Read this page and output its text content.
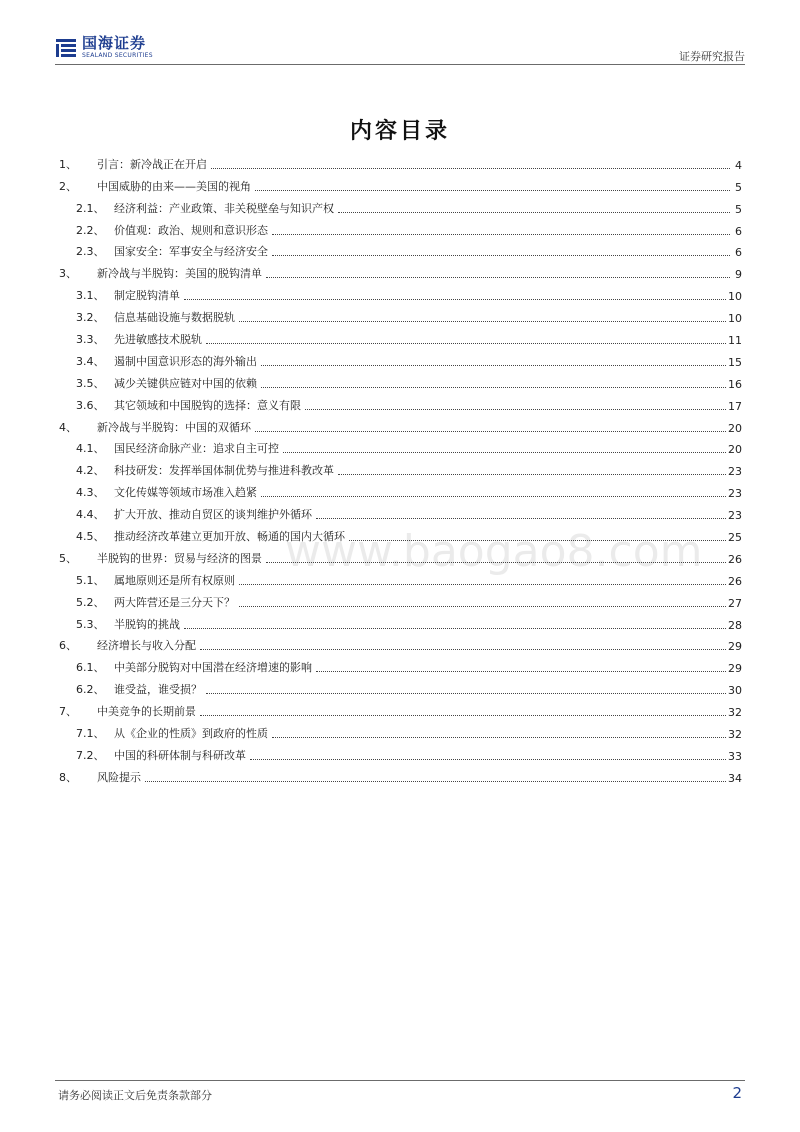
国海证券
SEALAND SECURITIES	证券研究报告
内容目录
www.baogao8.com
1、	引言：新冷战正在开启	4
2、	中国威胁的由来——美国的视角	5
2.1、 经济利益：产业政策、非关税壁垒与知识产权	5
2.2、 价值观：政治、规则和意识形态	6
2.3、 国家安全：军事安全与经济安全	6
3、	新冷战与半脱钩：美国的脱钩清单	9
3.1、 制定脱钩清单	10
3.2、 信息基础设施与数据脱轨	10
3.3、 先进敏感技术脱轨	11
3.4、 遏制中国意识形态的海外输出	15
3.5、 减少关键供应链对中国的依赖	16
3.6、 其它领域和中国脱钩的选择：意义有限	17
4、	新冷战与半脱钩：中国的双循环	20
4.1、 国民经济命脉产业：追求自主可控	20
4.2、 科技研发：发挥举国体制优势与推进科教改革	23
4.3、 文化传媒等领域市场准入趋紧	23
4.4、 扩大开放、推动自贸区的谈判维护外循环	23
4.5、 推动经济改革建立更加开放、畅通的国内大循环	25
5、	半脱钩的世界：贸易与经济的图景	26
5.1、 属地原则还是所有权原则	26
5.2、 两大阵营还是三分天下？	27
5.3、 半脱钩的挑战	28
6、	经济增长与收入分配	29
6.1、 中美部分脱钩对中国潜在经济增速的影响	29
6.2、 谁受益，谁受损？	30
7、	中美竞争的长期前景	32
7.1、 从《企业的性质》到政府的性质	32
7.2、 中国的科研体制与科研改革	33
8、	风险提示	34
请务必阅读正文后免责条款部分	2
